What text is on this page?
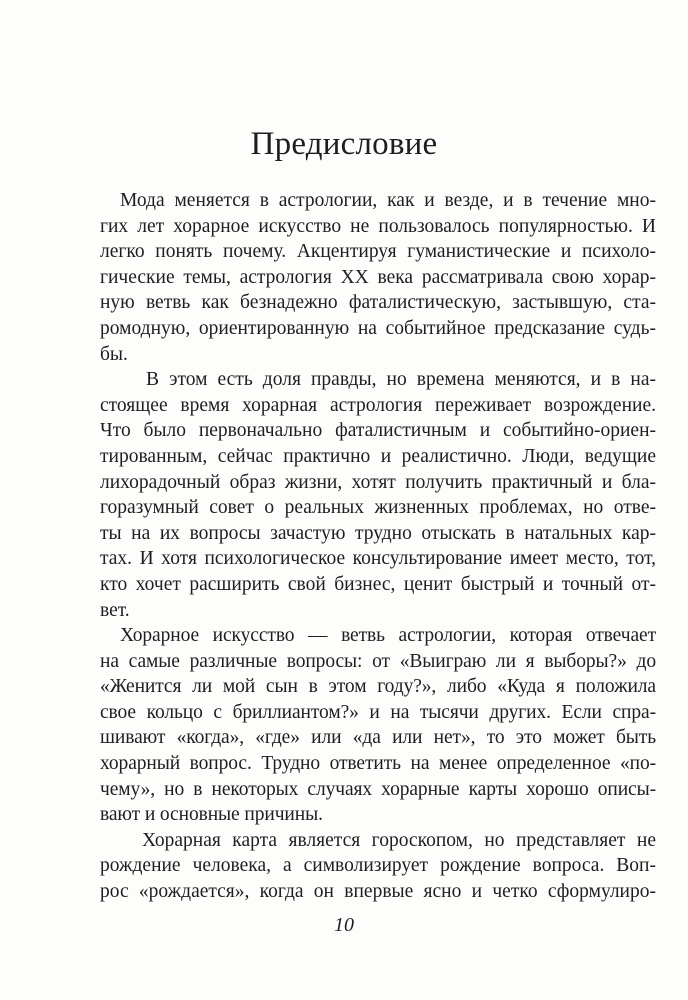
Предисловие
Мода меняется в астрологии, как и везде, и в течение мно-
гих лет хорарное искусство не пользовалось популярностью. И
легко понять почему. Акцентируя гуманистические и психоло-
гические темы, астрология XX века рассматривала свою хорар-
ную ветвь как безнадежно фаталистическую, застывшую, ста-
ромодную, ориентированную на событийное предсказание судь-
бы.
В этом есть доля правды, но времена меняются, и в на-
стоящее время хорарная астрология переживает возрождение.
Что было первоначально фаталистичным и событийно-ориен-
тированным, сейчас практично и реалистично. Люди, ведущие
лихорадочный образ жизни, хотят получить практичный и бла-
горазумный совет о реальных жизненных проблемах, но отве-
ты на их вопросы зачастую трудно отыскать в натальных кар-
тах. И хотя психологическое консультирование имеет место, тот,
кто хочет расширить свой бизнес, ценит быстрый и точный от-
вет.
Хорарное искусство — ветвь астрологии, которая отвечает
на самые различные вопросы: от «Выиграю ли я выборы?» до
«Женится ли мой сын в этом году?», либо «Куда я положила
свое кольцо с бриллиантом?» и на тысячи других. Если спра-
шивают «когда», «где» или «да или нет», то это может быть
хорарный вопрос. Трудно ответить на менее определенное «по-
чему», но в некоторых случаях хорарные карты хорошо описы-
вают и основные причины.
Хорарная карта является гороскопом, но представляет не
рождение человека, а символизирует рождение вопроса. Воп-
рос «рождается», когда он впервые ясно и четко сформулиро-
10
